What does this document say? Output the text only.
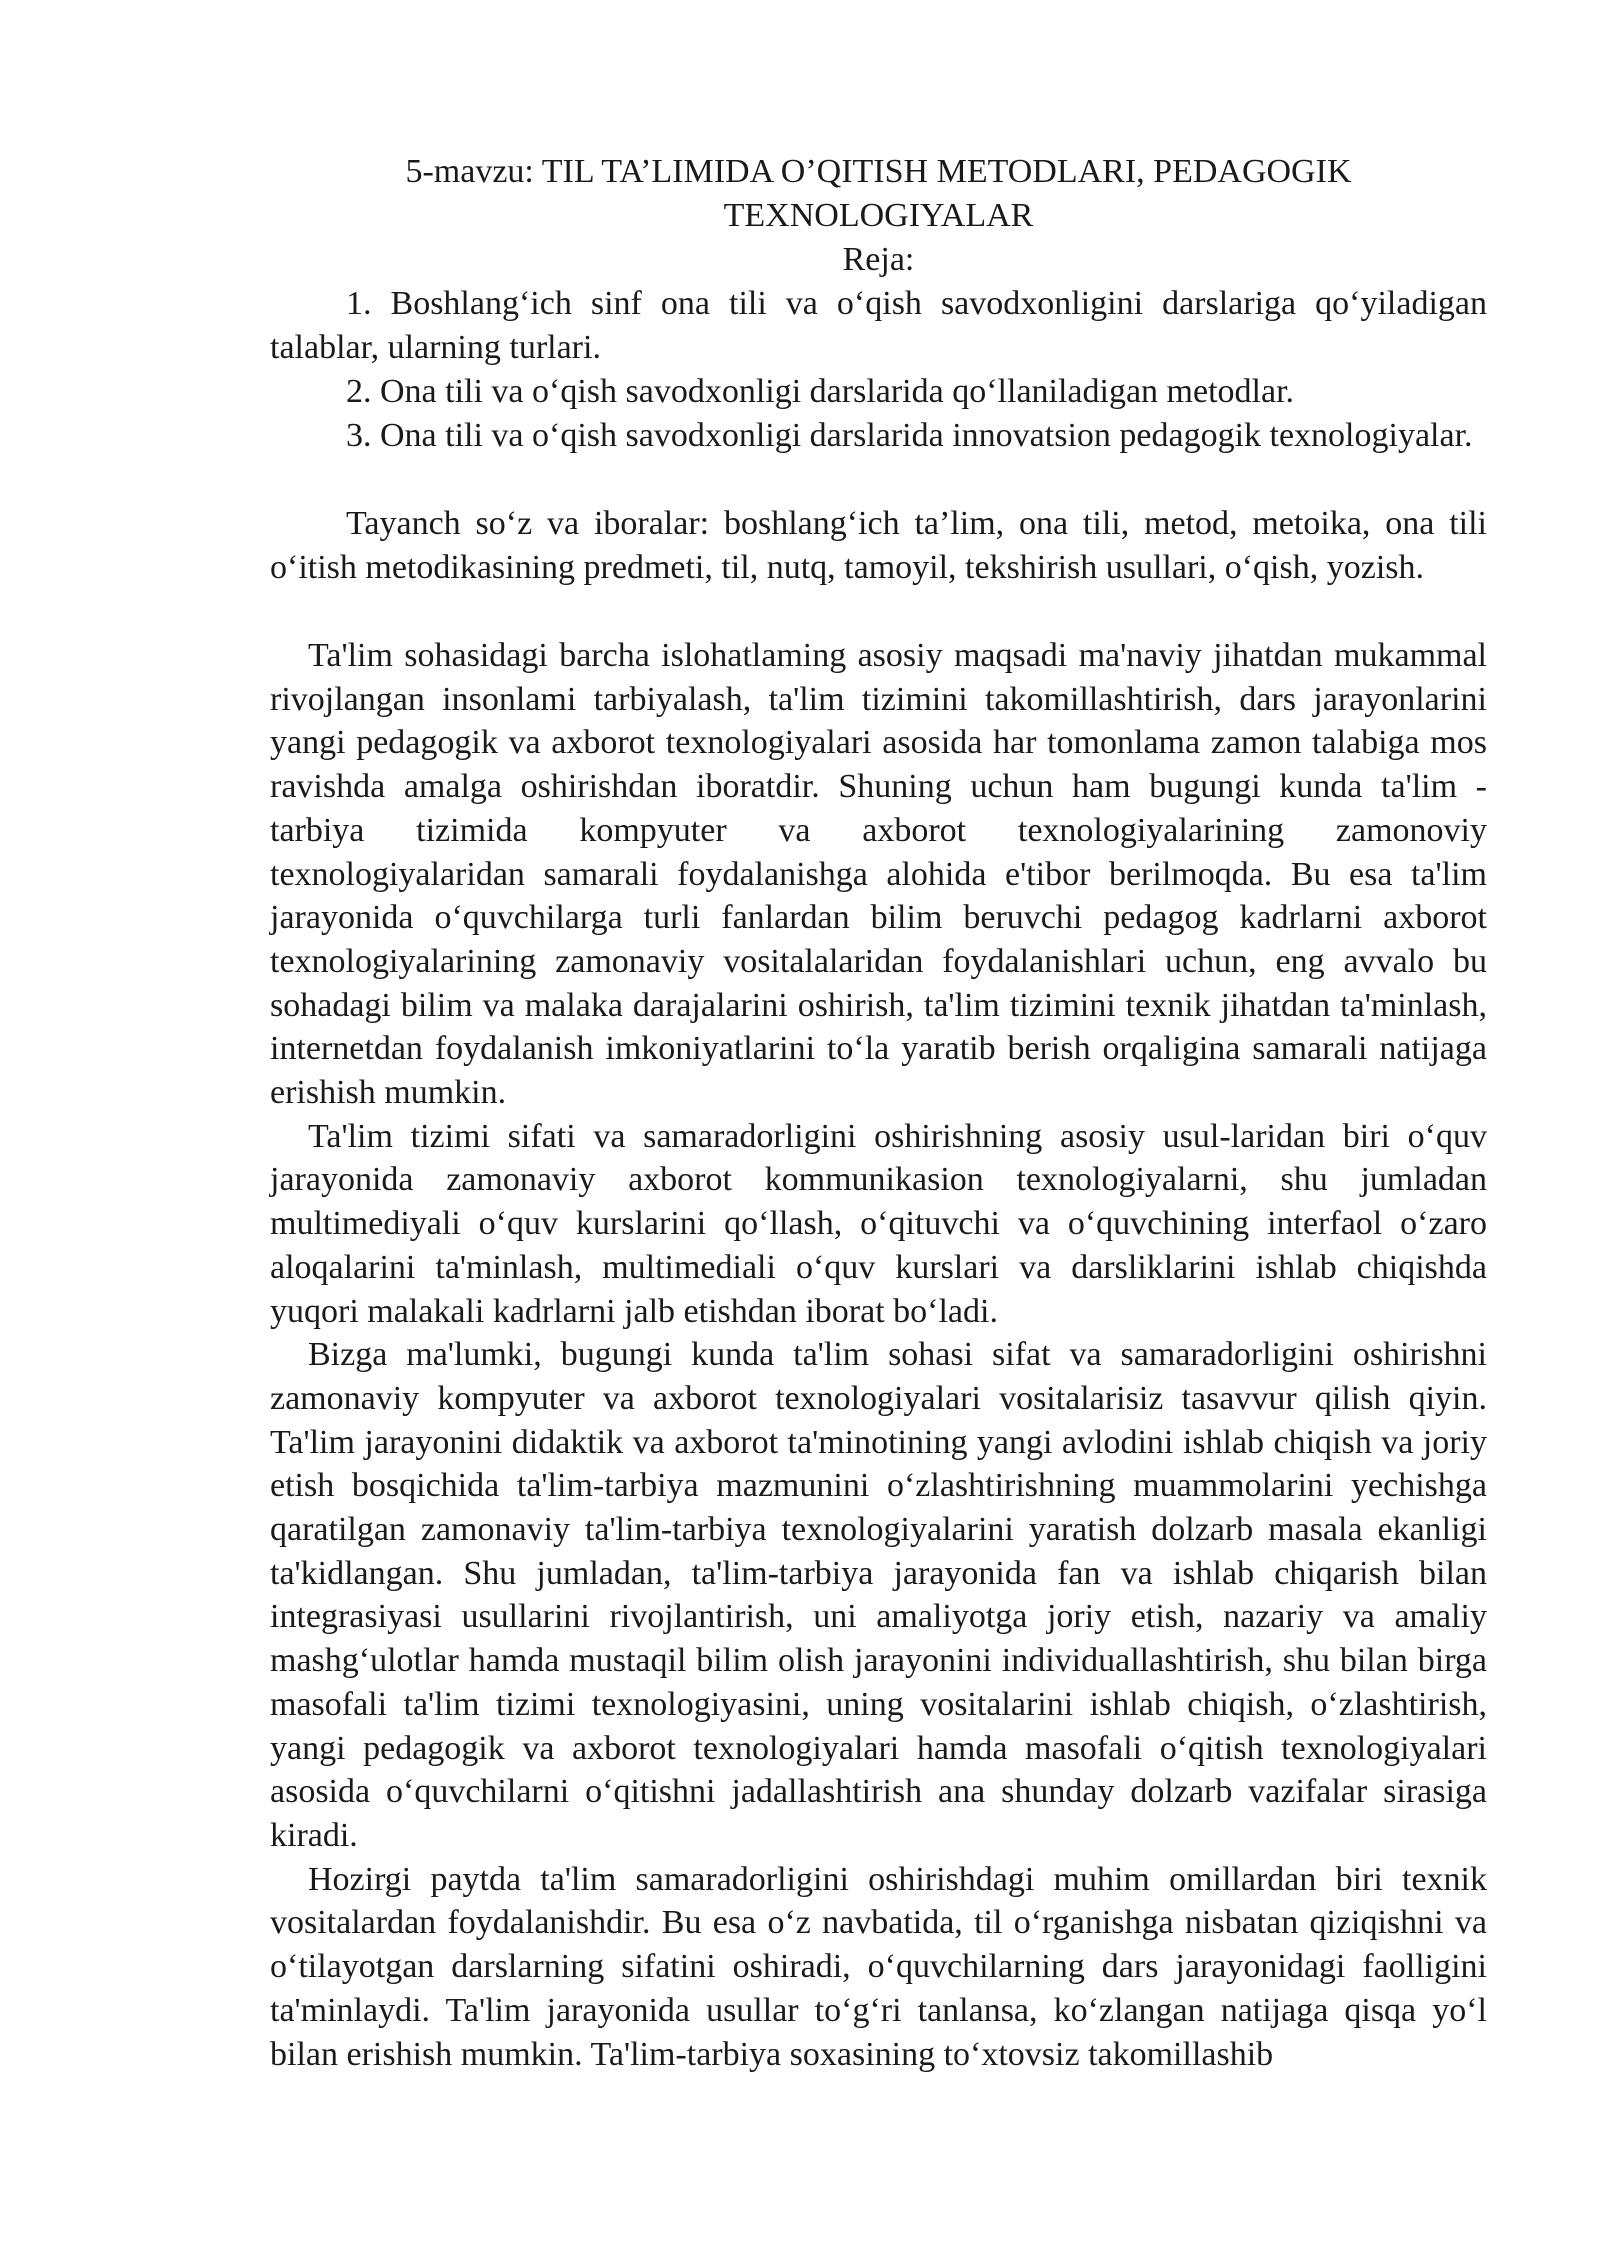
5-mavzu: TIL TA’LIMIDA O’QITISH METODLARI, PEDAGOGIK
TEXNOLOGIYALAR
Reja:
1. Boshlang‘ich sinf ona tili va o‘qish savodxonligini darslariga qo‘yiladigan talablar, ularning turlari.
2. Ona tili va o‘qish savodxonligi darslarida qo‘llaniladigan metodlar.
3. Ona tili va o‘qish savodxonligi darslarida innovatsion pedagogik texnologiyalar.

Tayanch so‘z va iboralar: boshlang‘ich ta’lim, ona tili, metod, metoika, ona tili o‘itish metodikasining predmeti, til, nutq, tamoyil, tekshirish usullari, o‘qish, yozish.

Ta'lim sohasidagi barcha islohatlaming asosiy maqsadi ma'naviy jihatdan mukammal rivojlangan insonlami tarbiyalash, ta'lim tizimini takomillashtirish, dars jarayonlarini yangi pedagogik va axborot texnologiyalari asosida har tomonlama zamon talabiga mos ravishda amalga oshirishdan iboratdir. Shuning uchun ham bugungi kunda ta'lim - tarbiya tizimida kompyuter va axborot texnologiyalarining zamonoviy texnologiyalaridan samarali foydalanishga alohida e'tibor berilmoqda. Bu esa ta'lim jarayonida o‘quvchilarga turli fanlardan bilim beruvchi pedagog kadrlarni axborot texnologiyalarining zamonaviy vositalalaridan foydalanishlari uchun, eng avvalo bu sohadagi bilim va malaka darajalarini oshirish, ta'lim tizimini texnik jihatdan ta'minlash, internetdan foydalanish imkoniyatlarini to‘la yaratib berish orqaligina samarali natijaga erishish mumkin.

Ta'lim tizimi sifati va samaradorligini oshirishning asosiy usul-laridan biri o‘quv jarayonida zamonaviy axborot kommunikasion texnologiyalarni, shu jumladan multimediyali o‘quv kurslarini qo‘llash, o‘qituvchi va o‘quvchining interfaol o‘zaro aloqalarini ta'minlash, multimediali o‘quv kurslari va darsliklarini ishlab chiqishda yuqori malakali kadrlarni jalb etishdan iborat bo‘ladi.

Bizga ma'lumki, bugungi kunda ta'lim sohasi sifat va samaradorligini oshirishni zamonaviy kompyuter va axborot texnologiyalari vositalarisiz tasavvur qilish qiyin. Ta'lim jarayonini didaktik va axborot ta'minotining yangi avlodini ishlab chiqish va joriy etish bosqichida ta'lim-tarbiya mazmunini o‘zlashtirishning muammolarini yechishga qaratilgan zamonaviy ta'lim-tarbiya texnologiyalarini yaratish dolzarb masala ekanligi ta'kidlangan. Shu jumladan, ta'lim-tarbiya jarayonida fan va ishlab chiqarish bilan integrasiyasi usullarini rivojlantirish, uni amaliyotga joriy etish, nazariy va amaliy mashg‘ulotlar hamda mustaqil bilim olish jarayonini individuallashtirish, shu bilan birga masofali ta'lim tizimi texnologiyasini, uning vositalarini ishlab chiqish, o‘zlashtirish, yangi pedagogik va axborot texnologiyalari hamda masofali o‘qitish texnologiyalari asosida o‘quvchilarni o‘qitishni jadallashtirish ana shunday dolzarb vazifalar sirasiga kiradi.

Hozirgi paytda ta'lim samaradorligini oshirishdagi muhim omillardan biri texnik vositalardan foydalanishdir. Bu esa o‘z navbatida, til o‘rganishga nisbatan qiziqishni va o‘tilayotgan darslarning sifatini oshiradi, o‘quvchilarning dars jarayonidagi faolligini ta'minlaydi. Ta'lim jarayonida usullar to‘g‘ri tanlansa, ko‘zlangan natijaga qisqa yo‘l bilan erishish mumkin. Ta'lim-tarbiya soxasining to‘xtovsiz takomillashib
